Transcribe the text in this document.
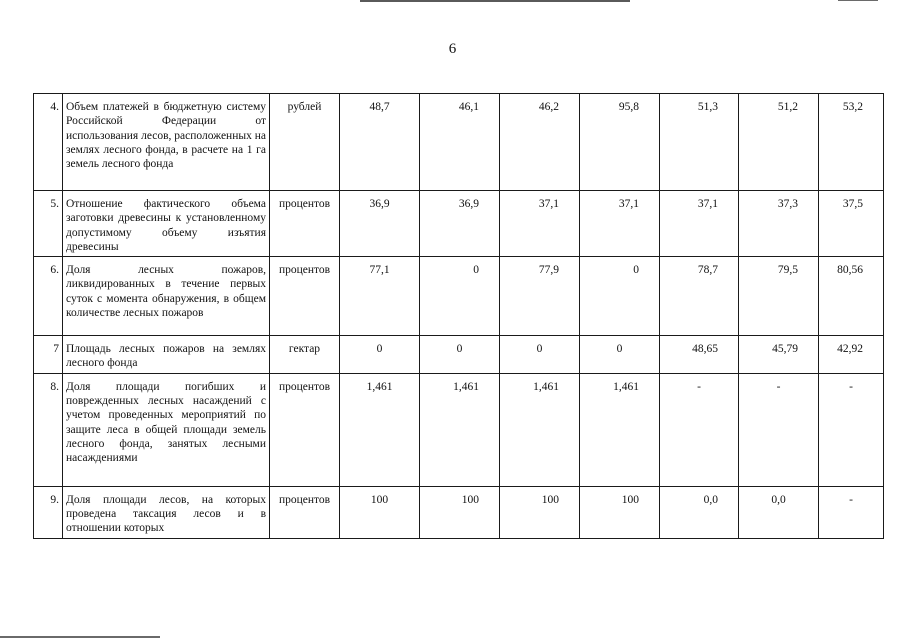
6
4.	Объем платежей в бюджетную систему Российской Федерации от использования лесов, расположенных на землях лесного фонда, в расчете на 1 га земель лесного фонда	рублей	48,7	46,1	46,2	95,8	51,3	51,2	53,2
5.	Отношение фактического объема заготовки древесины к установленному допустимому объему изъятия древесины	процентов	36,9	36,9	37,1	37,1	37,1	37,3	37,5
6.	Доля лесных пожаров, ликвидированных в течение первых суток с момента обнаружения, в общем количестве лесных пожаров	процентов	77,1	0	77,9	0	78,7	79,5	80,56
7	Площадь лесных пожаров на землях лесного фонда	гектар	0	0	0	0	48,65	45,79	42,92
8.	Доля площади погибших и поврежденных лесных насаждений с учетом проведенных мероприятий по защите леса в общей площади земель лесного фонда, занятых лесными насаждениями	процентов	1,461	1,461	1,461	1,461	-	-	-
9.	Доля площади лесов, на которых проведена таксация лесов и в отношении которых	процентов	100	100	100	100	0,0	0,0	-
